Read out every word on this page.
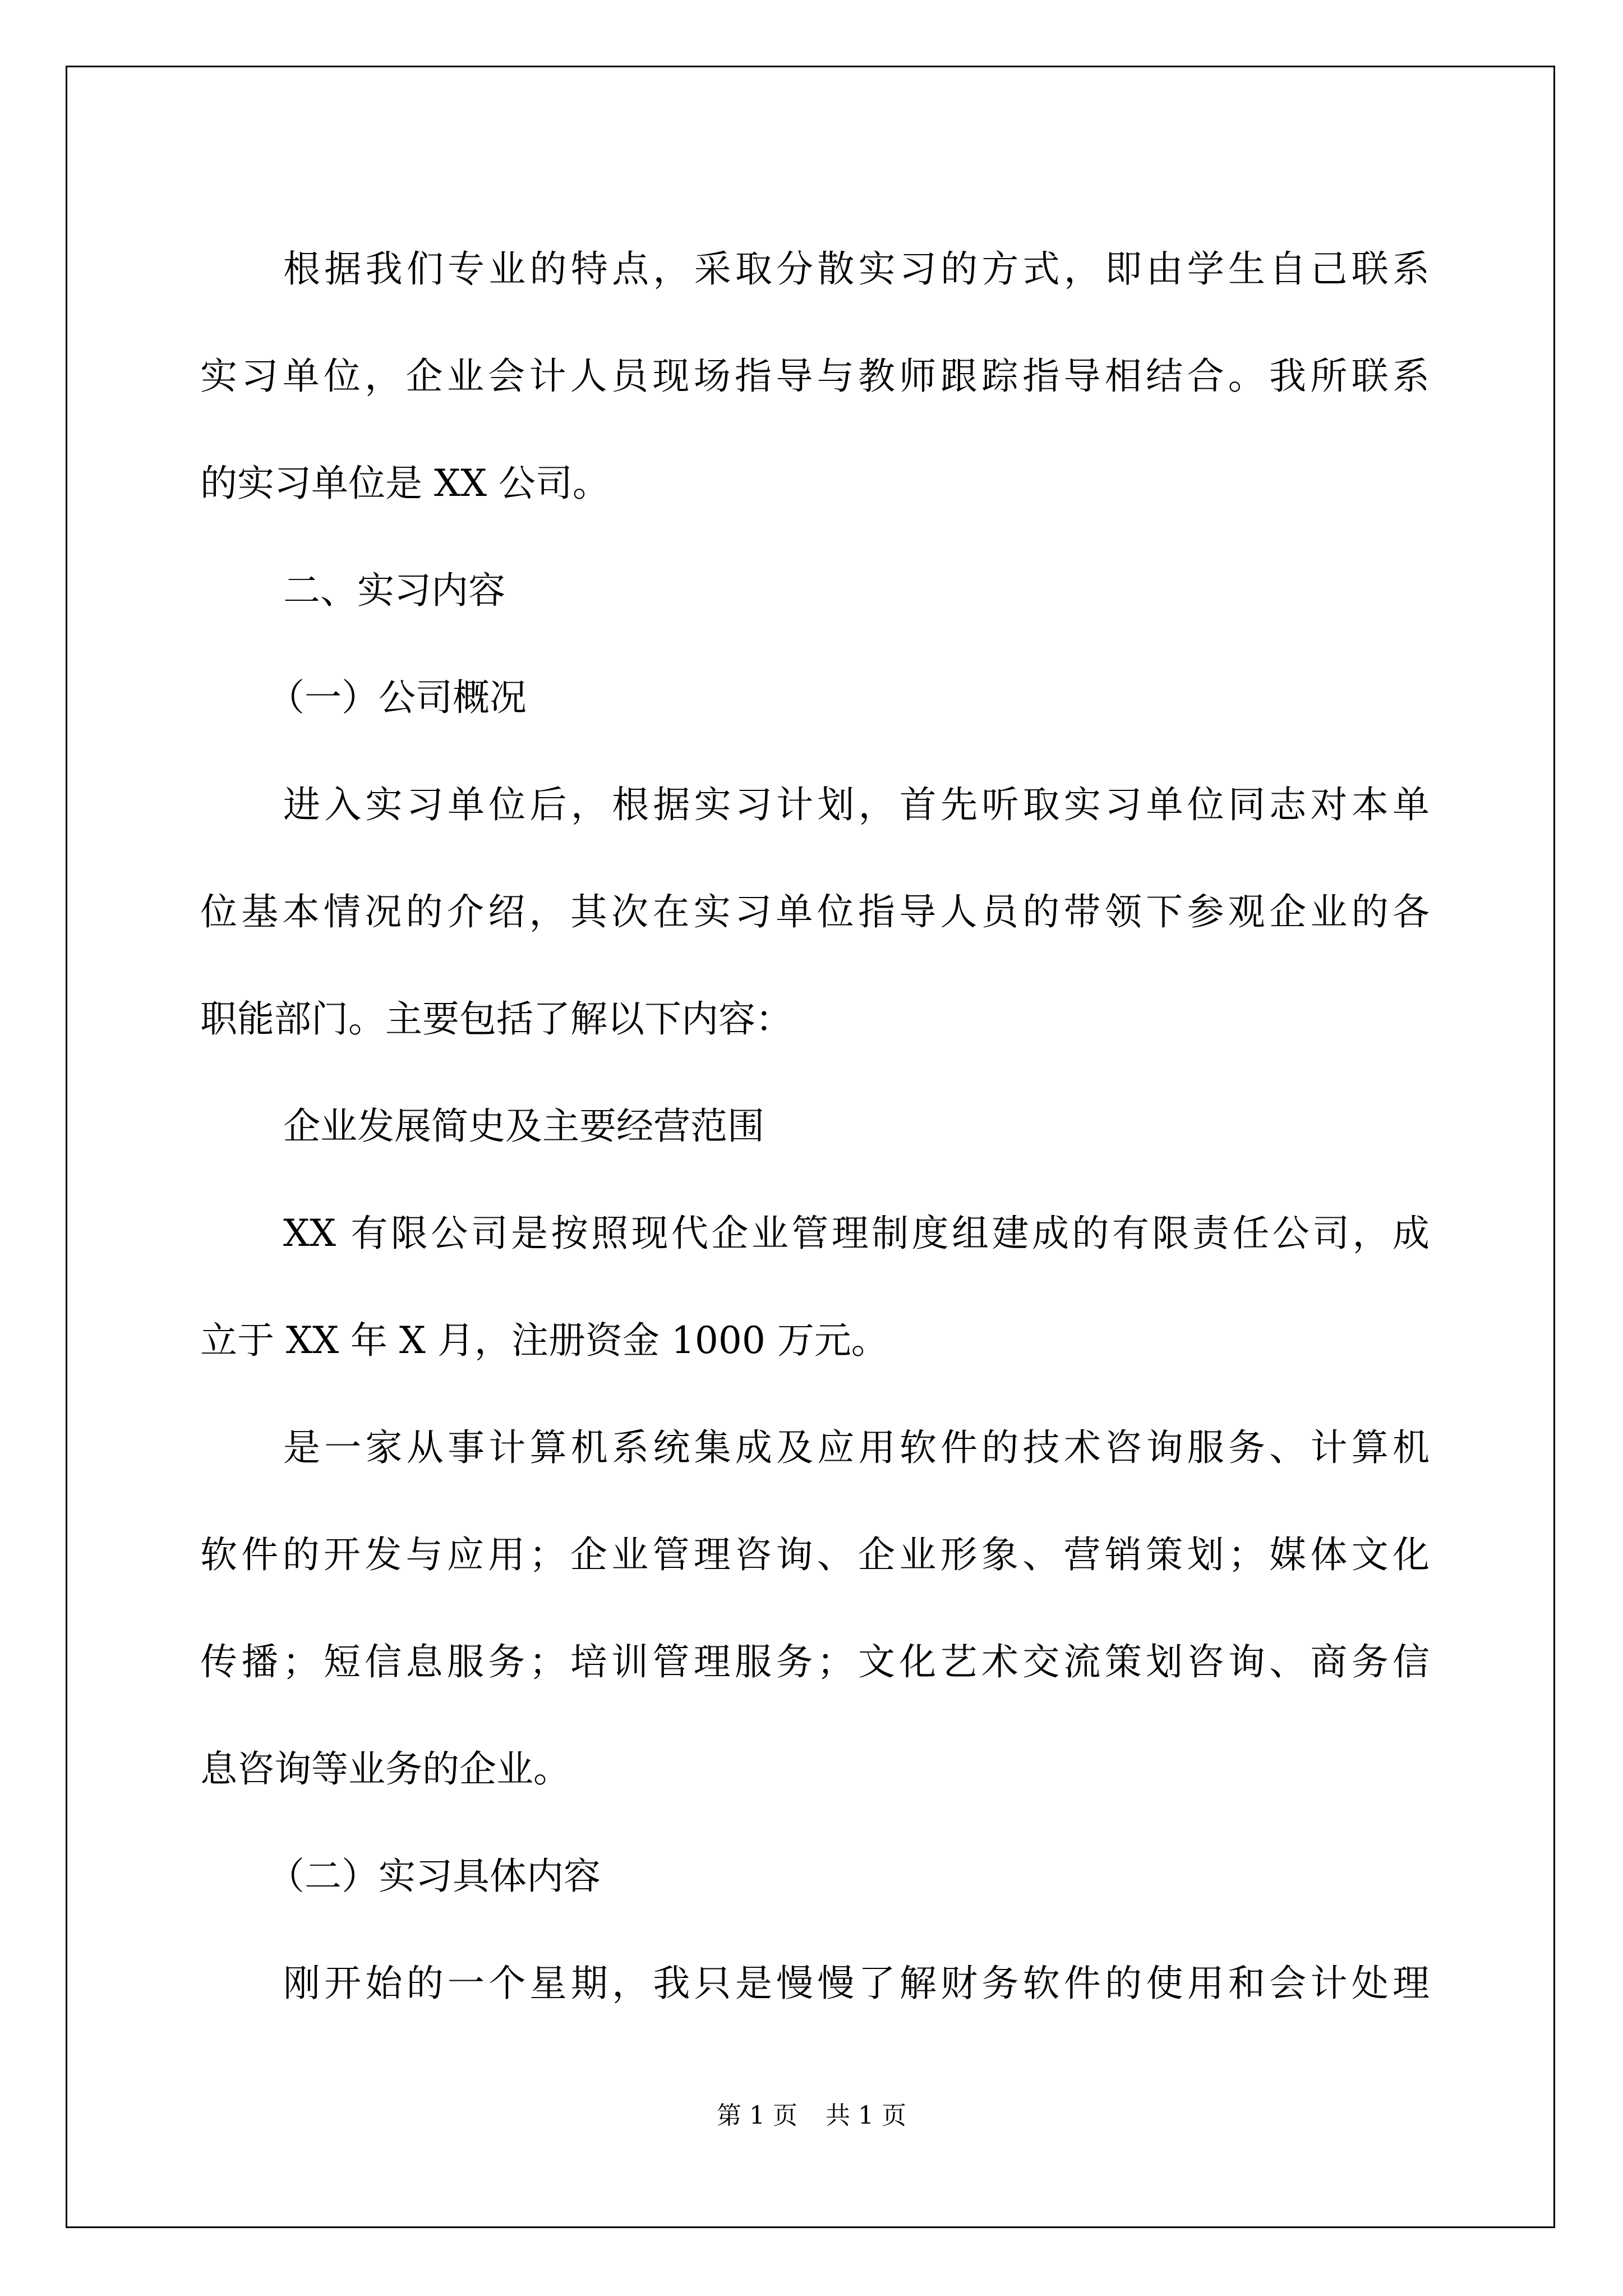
根据我们专业的特点，采取分散实习的方式，即由学生自己联系
实习单位，企业会计人员现场指导与教师跟踪指导相结合。我所联系
的实习单位是 XX 公司。
二、实习内容
（一）公司概况
进入实习单位后，根据实习计划，首先听取实习单位同志对本单
位基本情况的介绍，其次在实习单位指导人员的带领下参观企业的各
职能部门。主要包括了解以下内容：
企业发展简史及主要经营范围
XX 有限公司是按照现代企业管理制度组建成的有限责任公司，成
立于 XX 年 X 月，注册资金 1000 万元。
是一家从事计算机系统集成及应用软件的技术咨询服务、计算机
软件的开发与应用；企业管理咨询、企业形象、营销策划；媒体文化
传播；短信息服务；培训管理服务；文化艺术交流策划咨询、商务信
息咨询等业务的企业。
（二）实习具体内容
刚开始的一个星期，我只是慢慢了解财务软件的使用和会计处理
第 1 页 共 1 页
